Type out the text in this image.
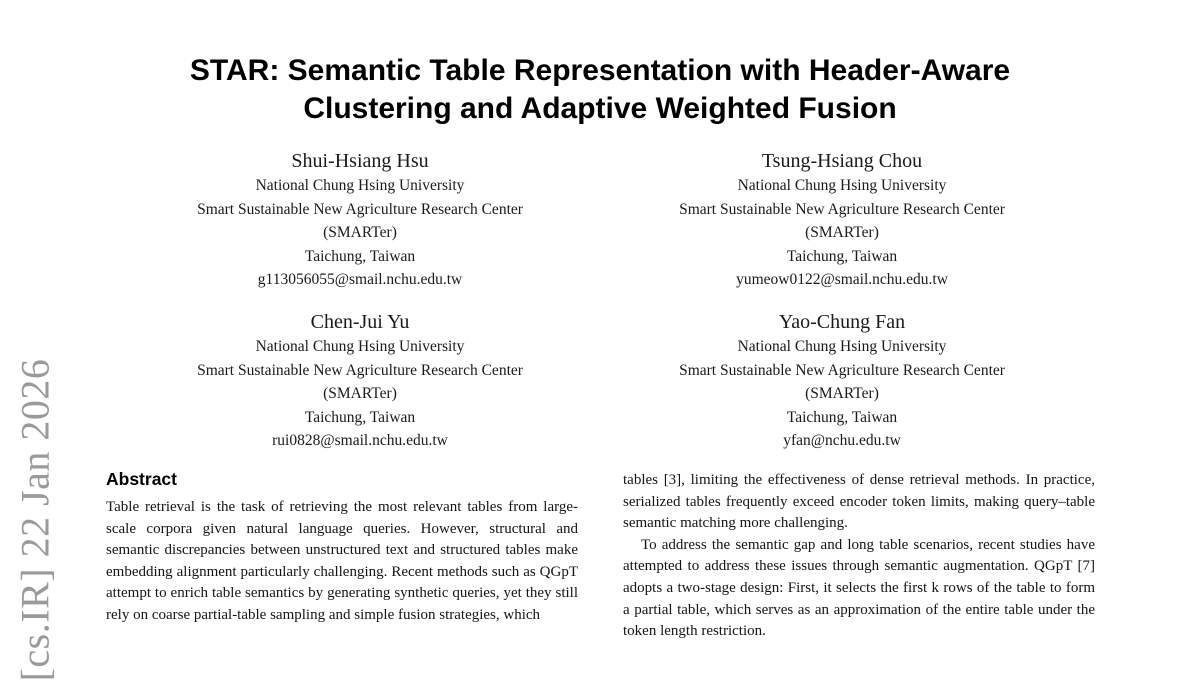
[cs.IR] 22 Jan 2026
STAR: Semantic Table Representation with Header-Aware Clustering and Adaptive Weighted Fusion
Shui-Hsiang Hsu
National Chung Hsing University
Smart Sustainable New Agriculture Research Center
(SMARTer)
Taichung, Taiwan
g113056055@smail.nchu.edu.tw
Tsung-Hsiang Chou
National Chung Hsing University
Smart Sustainable New Agriculture Research Center
(SMARTer)
Taichung, Taiwan
yumeow0122@smail.nchu.edu.tw
Chen-Jui Yu
National Chung Hsing University
Smart Sustainable New Agriculture Research Center
(SMARTer)
Taichung, Taiwan
rui0828@smail.nchu.edu.tw
Yao-Chung Fan
National Chung Hsing University
Smart Sustainable New Agriculture Research Center
(SMARTer)
Taichung, Taiwan
yfan@nchu.edu.tw
Abstract

Table retrieval is the task of retrieving the most relevant tables from large-scale corpora given natural language queries. However, structural and semantic discrepancies between unstructured text and structured tables make embedding alignment particularly challenging. Recent methods such as QGpT attempt to enrich table semantics by generating synthetic queries, yet they still rely on coarse partial-table sampling and simple fusion strategies, which

tables [3], limiting the effectiveness of dense retrieval methods. In practice, serialized tables frequently exceed encoder token limits, making query–table semantic matching more challenging.

To address the semantic gap and long table scenarios, recent studies have attempted to address these issues through semantic augmentation. QGpT [7] adopts a two-stage design: First, it selects the first k rows of the table to form a partial table, which serves as an approximation of the entire table under the token length restriction.
